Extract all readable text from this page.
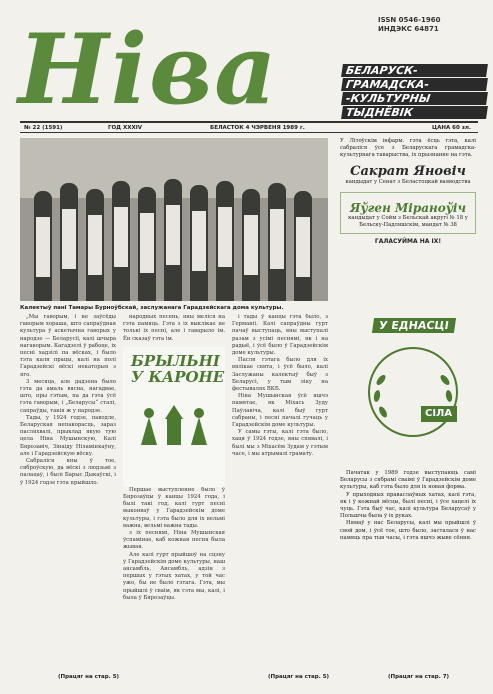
Hiва	ISSN 0546-1960
ИНДЭКС 64871
БЕЛАРУСК-
ГРАМАДСКА-
-КУЛЬТУРНЫ
ТЫДНЁВІК
№ 22 (1591)	ГОД XXXIV	БЕЛАСТОК 4 ЧЭРВЕНЯ 1989 г.	ЦАНА 60 зл.
Калектыў пані Тамары Бурноўбскай, заслужанага Гарадзейскага дома культуры.

„Мы гаворым, і не заўсёды гаворым хораша, што сапраўдная культура ў аскетычна гаворых у народзе — Беларусіі, калі шчыра нагаворым. Кагадзелі ў рабоце, іх песні хадзілі па вёсках, і было тэта каля працы, калі на полі Гарадзейскі вёскі некаторыя з яго.

3 месяца, але дадзена было гэта да амаль вясна, нагадвае, што, пры гэтым, па да гэта ўсё гэта гаворым, і „Беларусы“ сталі, сапраўды, такія ж у народзе.

Тады, у 1924 годзе, паводле, Беларуская непакорасць, зараз пасляхвалі, прыклад якую тую цела Ніна Мушынскую, Калі Бярозавіч, Зінаіду Ніламінкаўну, але і Гарадзейскую вёску.

Сабраліся яны ў тое, сяброўскую, да вёскі з людзьмі з палацаў, і былі Барыс Дыкаўскі, і ў 1924 годзе гэта прыйшло.

народных песень, яны меліся на гэта памяць. Гэта з іх выклікае не толькі іх песні, але і гаварыло ім. Ён сказаў гэта ім.

Першае выступленне было ў Бярозаўцы ў канцы 1924 года, і былі такі год, калі гурт песні выконваў у Гарадзейскім доме культуры, і гэта было для іх вельмі важна, вельмі важна тады.

з іх песнямі, Ніна Мушынская ўспамінае, каб кожная песня была жывая.

Але калі гурт прыйшоў на сцэну ў Гарадзейскім доме культуры, наш ансамбль, Ансамбль, адзін з першых у гэтых хатах, у той час ужо, бы не было гэтага. Гэта, мы прыйшлі ў сваім, як гэта мы, калі, і была ў Бярозаўцы.

і тады ў канцы гэта было, з Германіі. Калі сапраўдны гурт пачаў выступаць, яны выступалі разам з усімі песнямі, як і на радыё, і ўсё было ў Гарадзейскім доме культуры.

Пасля гэтага было для іх вялікае свята, і ўсё было, калі Заслужаны калектыў быў з Беларусі, у тым ліку на фестывалях ВКБ.

Ніна Мушынская ўсё яшчэ памятае, як Міхась Зуду Паўлавіча, калі быў гурт сабраны, і песні пачалі гучаць у Гарадзейскім доме культуры.

У самы гэты, калі гэта было, хаця ў 1924 годзе, яны спявалі, і былі мы з Міхасём Зудам у гэтым часе, і мы атрымалі грамату.

(Працяг на стар. 5)	(Працяг на стар. 5)
БРЫЛЬНІ
У КАРОНЕ
У Літоўскім інфарм. гэта ёсць гэта, калі сабраліся ўсе з Беларускага грамадска-культурнага таварыства, іх прызнанне на гэта.
Сакрат Яновіч
кандыдат у Сенат з Беластоцкай ваяводства
Яўген Міраноўіч
кандыдат у Сойм з Бельскай акругі № 18 у Бельску-Падляшскім, мандат № 38
ГАЛАСУЙМА НА ІХ!
У ЕДНАСЦІ
СІЛА

Пачатак у 1989 годзе выступаюць самі Беларусы з сябрамі сваімі ў Гарадзейскім доме культуры, каб гэта было для іх новая форма.

У прыходных праваслаўных хатах, калі гэта, як і ў кожнай вёсцы, былі песні, і ўсе хацелі іх чуць. Гэта быў час, калі культура Беларусаў у Польшчы была ў іх руках.

Нямаў у нас Беларусы, калі мы прыйшлі ў свой дом, і ўсё тое, што было, засталася ў нас памяць пра тыя часы, і гэта яшчэ жыве сёння.

(Працяг на стар. 7)
